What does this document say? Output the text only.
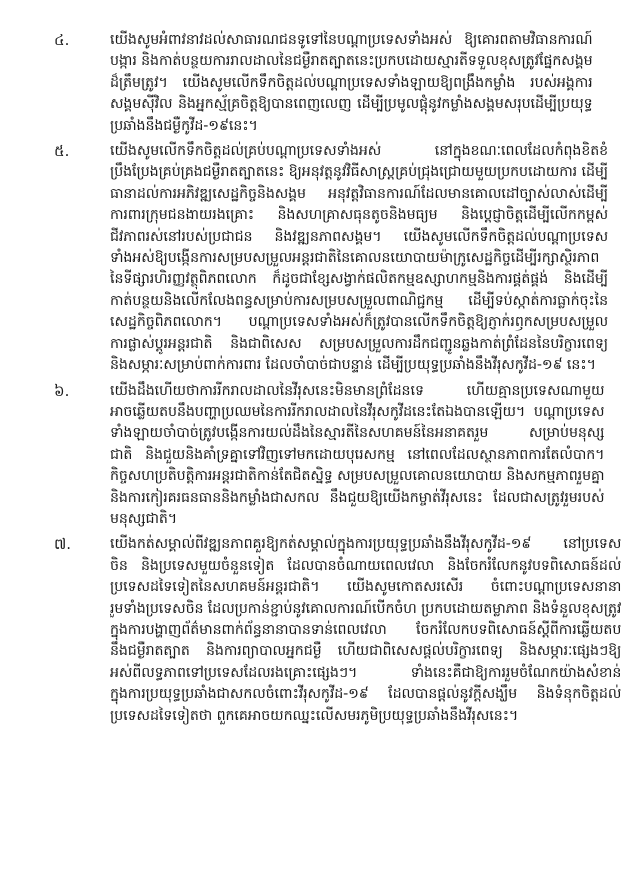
៤.	យើងសូមអំពាវនាវដល់សាធារណជនទូទៅនៃបណ្តាប្រទេសទាំងអស់ ឱ្យគោរពតាមវិធានការណ៍
បង្ការ និងកាត់បន្ថយការរាលដាលនៃជម្ងឺរាតត្បាតនេះប្រកបដោយស្មារតីទទួលខុសត្រូវផ្នែកសង្គម
ដ៏ត្រឹមត្រូវ។ យើងសូមលើកទឹកចិត្តដល់បណ្តាប្រទេសទាំងឡាយឱ្យពង្រឹងកម្លាំង របស់អង្គការ
សង្គមស៊ីវិល និងអ្នកស្ម័គ្រចិត្តឱ្យបានពេញលេញ ដើម្បីប្រមូលផ្តុំនូវកម្លាំងសង្គមសរុបដើម្បីប្រយុទ្ធ
ប្រឆាំងនឹងជម្ងឺកូវីដ-១៩នេះ។
៥.	យើងសូមលើកទឹកចិត្តដល់គ្រប់បណ្តាប្រទេសទាំងអស់ នៅក្នុងខណៈពេលដែលកំពុងខិតខំ
ប្រឹងប្រែងគ្រប់គ្រងជម្ងឺរាតត្បាតនេះ ឱ្យអនុវត្តនូវវិធីសាស្ត្រគ្រប់ជ្រុងជ្រោយមួយប្រកបដោយការ ដើម្បី
ធានាដល់ការអភិវឌ្ឍសេដ្ឋកិច្ចនិងសង្គម អនុវត្តវិធានការណ៍ដែលមានគោលដៅច្បាស់លាស់ដើម្បី
ការពារក្រុមជនងាយរងគ្រោះ និងសហគ្រាសធុនតូចនិងមធ្យម និងប្តេជ្ញាចិត្តដើម្បីលើកកម្ពស់
ជីវភាពរស់នៅរបស់ប្រជាជន និងវឌ្ឍនភាពសង្គម។ យើងសូមលើកទឹកចិត្តដល់បណ្តាប្រទេស
ទាំងអស់ឱ្យបង្កើនការសម្របសម្រួលអន្តរជាតិនៃគោលនយោបាយម៉ាក្រូសេដ្ឋកិច្ចដើម្បីរក្សាស្ថិរភាព
នៃទីផ្សារហិរញ្ញវត្ថុពិភពលោក ក៏ដូចជាខ្សែសង្វាក់ផលិតកម្មឧស្សាហកម្មនិងការផ្គត់ផ្គង់ និងដើម្បី
កាត់បន្ថយនិងលើកលែងពន្ធសម្រាប់ការសម្របសម្រួលពាណិជ្ជកម្ម ដើម្បីទប់ស្កាត់ការធ្លាក់ចុះនៃ
សេដ្ឋកិច្ចពិភពលោក។ បណ្តាប្រទេសទាំងអស់ក៏ត្រូវបានលើកទឹកចិត្តឱ្យភ្ញាក់រឭកសម្របសម្រួល
ការផ្លាស់ប្តូរអន្តរជាតិ និងជាពិសេស សម្របសម្រួលការដឹកជញ្ជូនឆ្លងកាត់ព្រំដែននៃបរិក្ខារពេទ្យ
និងសម្ភារៈសម្រាប់ពាក់ការពារ ដែលចាំបាច់ជាបន្ទាន់ ដើម្បីប្រយុទ្ធប្រឆាំងនឹងវីរុសកូវីដ-១៩ នេះ។
៦.	យើងដឹងហើយថាការរីករាលដាលនៃវីរុសនេះមិនមានព្រំដែនទេ ហើយគ្មានប្រទេសណាមួយ
អាចឆ្លើយតបនឹងបញ្ហាប្រឈមនៃការរីករាលដាលនៃវីរុសកូវីដនេះតែឯងបានឡើយ។ បណ្តាប្រទេស
ទាំងឡាយចាំបាច់ត្រូវបង្កើនការយល់ដឹងនៃស្មារតីនៃសហគមន៍នៃអនាគតរួម សម្រាប់មនុស្ស
ជាតិ និងជួយនិងគាំទ្រគ្នាទៅវិញទៅមកដោយបុរេសកម្ម នៅពេលដែលស្ថានភាពការតែលំបាក។
កិច្ចសហប្រតិបត្តិការអន្តរជាតិកាន់តែជិតស្និទ្ធ សម្របសម្រួលគោលនយោបាយ និងសកម្មភាពរួមគ្នា
និងការកៀរគរធនធាននិងកម្លាំងជាសកល នឹងជួយឱ្យយើងកម្ចាត់វីរុសនេះ ដែលជាសត្រូវរួមរបស់
មនុស្សជាតិ។
៧.	យើងកត់សម្គាល់ពីវឌ្ឍនភាពគួរឱ្យកត់សម្គាល់ក្នុងការប្រយុទ្ធប្រឆាំងនឹងវីរុសកូវីដ-១៩ នៅប្រទេស
ចិន និងប្រទេសមួយចំនួនទៀត ដែលបានចំណាយពេលវេលា និងចែករំលែកនូវបទពិសោធន៍ដល់
ប្រទេសដទៃទៀតនៃសហគមន៍អន្តរជាតិ។ យើងសូមកោតសរសើរ ចំពោះបណ្តាប្រទេសនានា
រួមទាំងប្រទេសចិន ដែលប្រកាន់ខ្ជាប់នូវគោលការណ៍បើកចំហ ប្រកបដោយតម្លាភាព និងទំនួលខុសត្រូវ
ក្នុងការបង្ហាញព័ត៌មានពាក់ព័ន្ធនានាបានទាន់ពេលវេលា ចែករំលែកបទពិសោធន៍ស្តីពីការឆ្លើយតប
នឹងជម្ងឺរាតត្បាត និងការព្យាបាលអ្នកជម្ងឺ ហើយជាពិសេសផ្តល់បរិក្ខារពេទ្យ និងសម្ភារៈផ្សេងៗឱ្យ
អស់ពីលទ្ធភាពទៅប្រទេសដែលរងគ្រោះផ្សេងៗ។ ទាំងនេះគឺជាឱ្យការរួមចំណែកយ៉ាងសំខាន់
ក្នុងការប្រយុទ្ធប្រឆាំងជាសកលចំពោះវីរុសកូវីដ-១៩ ដែលបានផ្តល់នូវក្តីសង្ឃឹម និងទំនុកចិត្តដល់
ប្រទេសដទៃទៀតថា ពួកគេអាចយកឈ្នះលើសមរភូមិប្រយុទ្ធប្រឆាំងនឹងវីរុសនេះ។
